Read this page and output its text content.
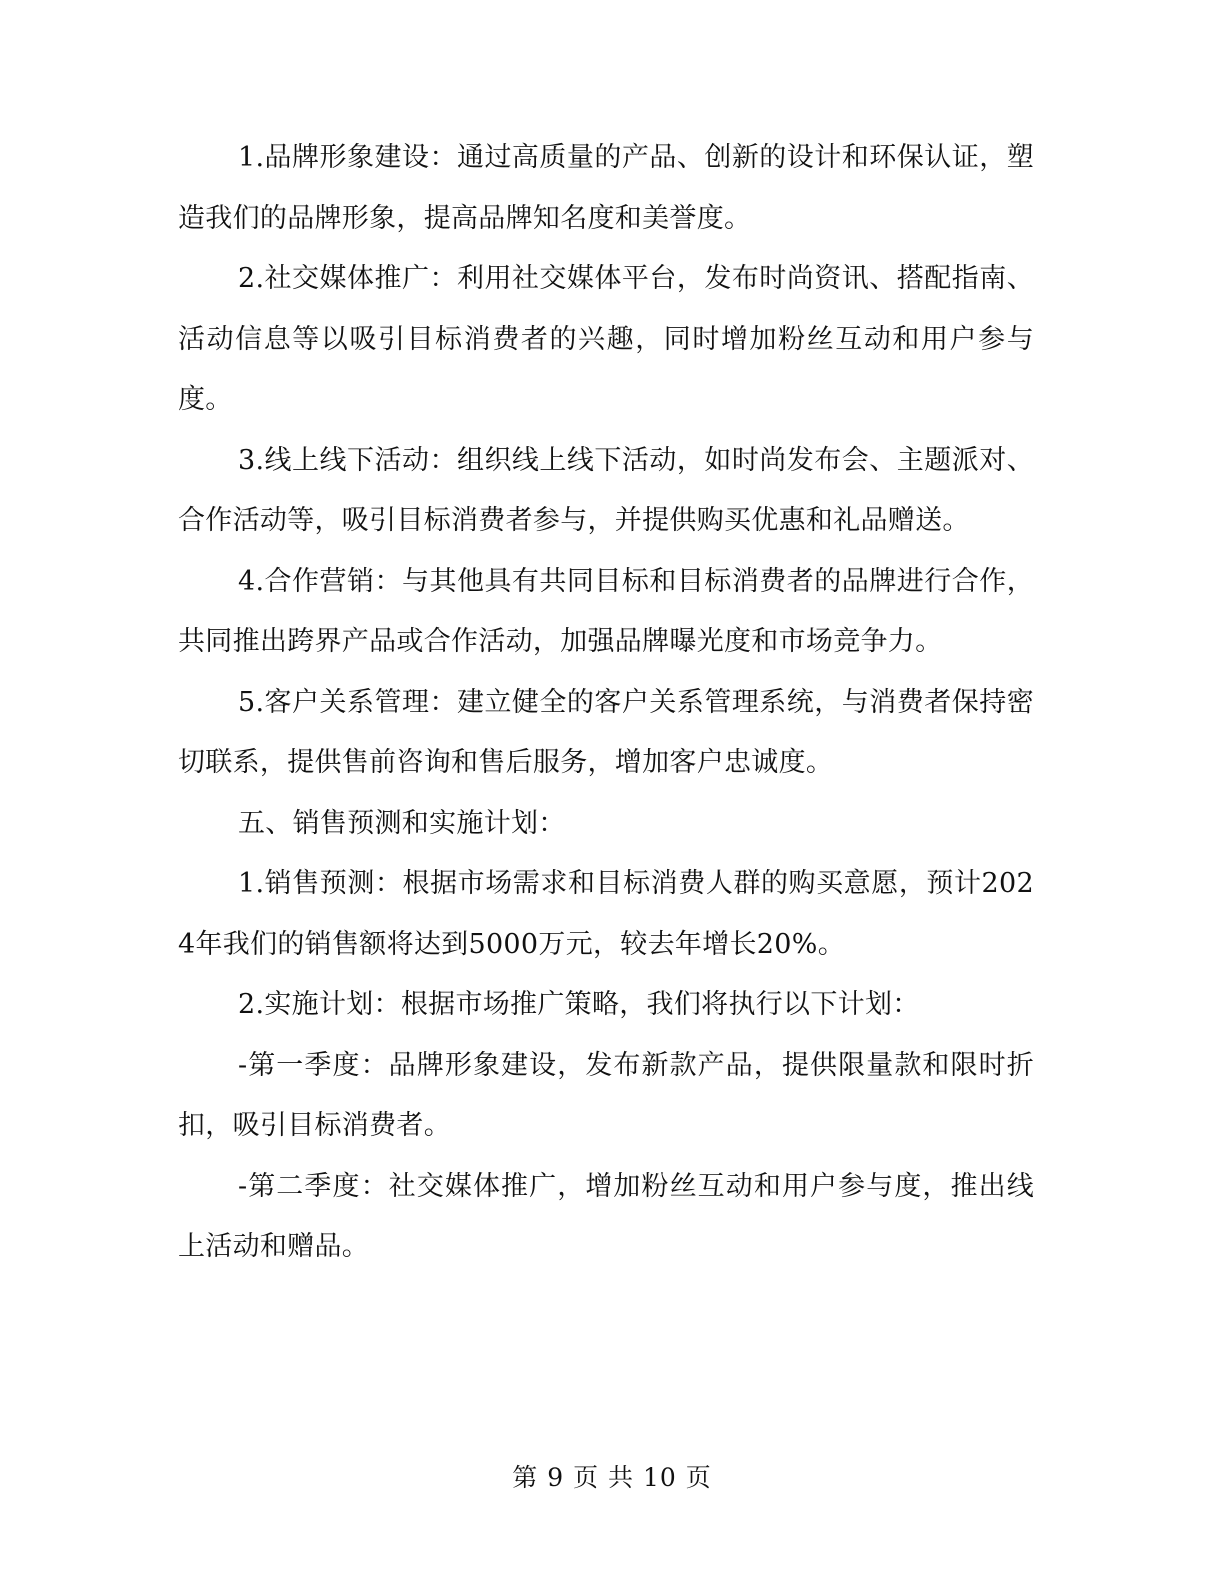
1.品牌形象建设：通过高质量的产品、创新的设计和环保认证，塑造我们的品牌形象，提高品牌知名度和美誉度。

2.社交媒体推广：利用社交媒体平台，发布时尚资讯、搭配指南、活动信息等以吸引目标消费者的兴趣，同时增加粉丝互动和用户参与度。

3.线上线下活动：组织线上线下活动，如时尚发布会、主题派对、合作活动等，吸引目标消费者参与，并提供购买优惠和礼品赠送。

4.合作营销：与其他具有共同目标和目标消费者的品牌进行合作，共同推出跨界产品或合作活动，加强品牌曝光度和市场竞争力。

5.客户关系管理：建立健全的客户关系管理系统，与消费者保持密切联系，提供售前咨询和售后服务，增加客户忠诚度。

五、销售预测和实施计划：

1.销售预测：根据市场需求和目标消费人群的购买意愿，预计2024年我们的销售额将达到5000万元，较去年增长20%。

2.实施计划：根据市场推广策略，我们将执行以下计划：

-第一季度：品牌形象建设，发布新款产品，提供限量款和限时折扣，吸引目标消费者。

-第二季度：社交媒体推广，增加粉丝互动和用户参与度，推出线上活动和赠品。

第 9 页 共 10 页
